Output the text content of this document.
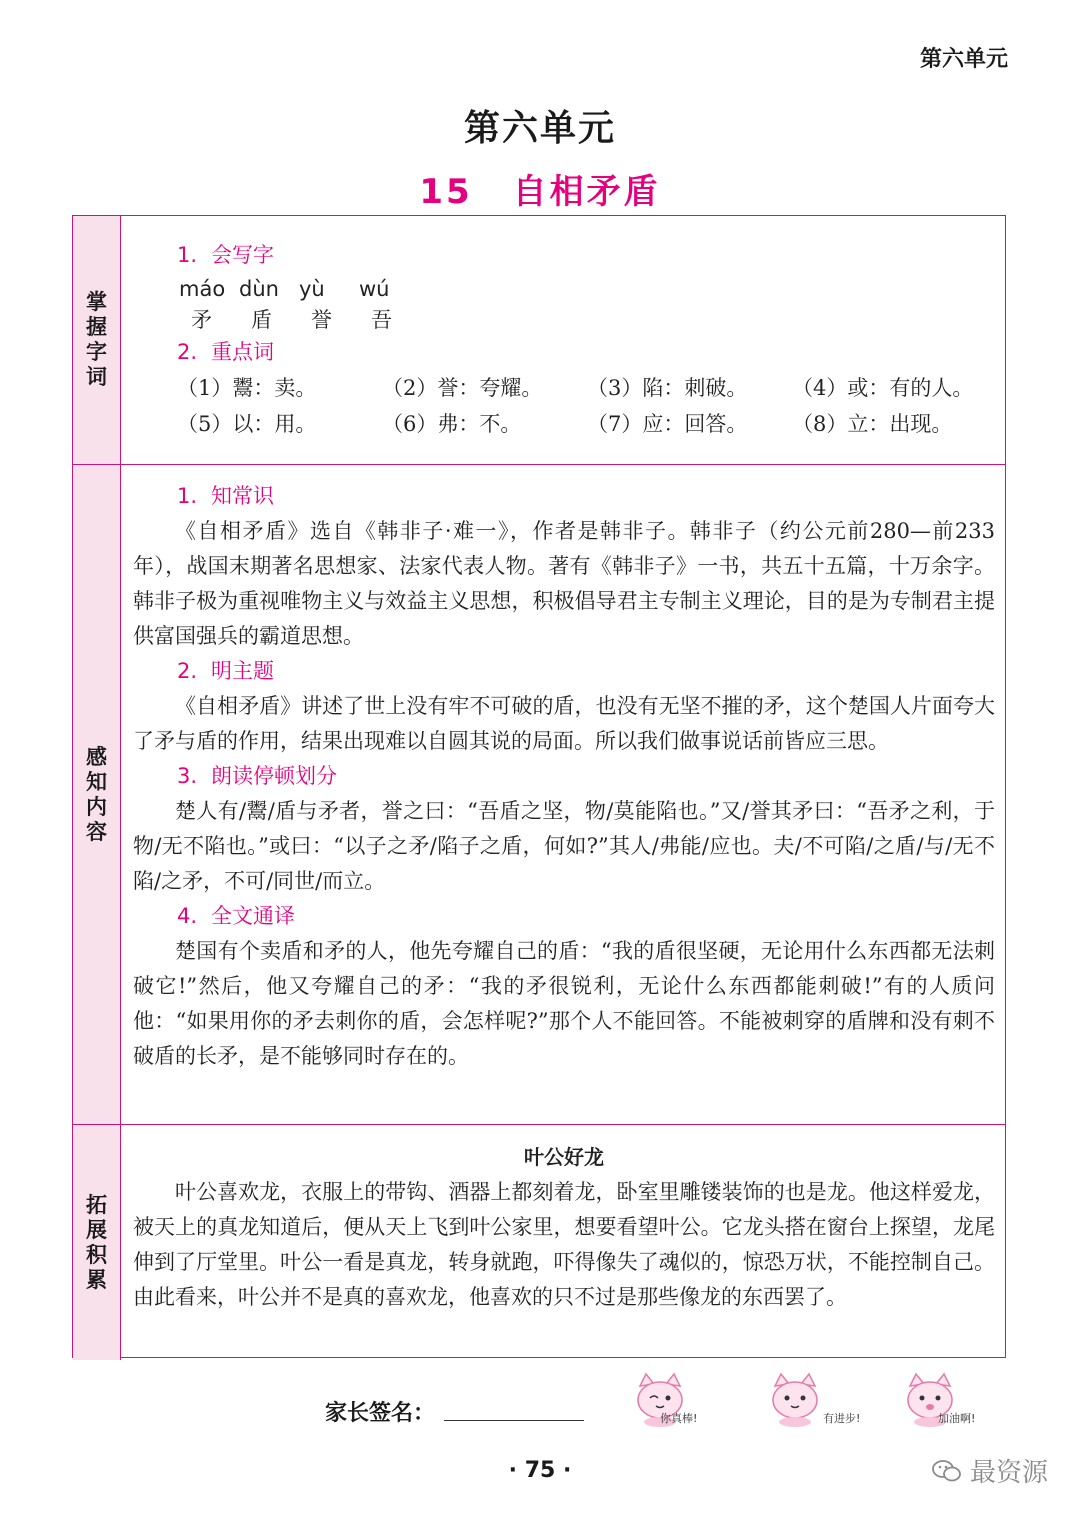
第六单元
第六单元
15 自相矛盾
掌握字词
1. 会写字
máo dùn yù	wú
矛	盾	誉	吾
2. 重点词
（1）鬻：卖。	（2）誉：夸耀。	（3）陷：刺破。	（4）或：有的人。
（5）以：用。	（6）弗：不。	（7）应：回答。	（8）立：出现。
感知内容
1. 知常识

《自相矛盾》选自《韩非子·难一》，作者是韩非子。韩非子（约公元前280—前233年），战国末期著名思想家、法家代表人物。著有《韩非子》一书，共五十五篇，十万余字。韩非子极为重视唯物主义与效益主义思想，积极倡导君主专制主义理论，目的是为专制君主提供富国强兵的霸道思想。

2. 明主题

《自相矛盾》讲述了世上没有牢不可破的盾，也没有无坚不摧的矛，这个楚国人片面夸大了矛与盾的作用，结果出现难以自圆其说的局面。所以我们做事说话前皆应三思。

3. 朗读停顿划分

楚人有/鬻/盾与矛者，誉之曰：“吾盾之坚，物/莫能陷也。”又/誉其矛曰：“吾矛之利，于物/无不陷也。”或曰：“以子之矛/陷子之盾，何如?”其人/弗能/应也。夫/不可陷/之盾/与/无不陷/之矛，不可/同世/而立。

4. 全文通译

楚国有个卖盾和矛的人，他先夸耀自己的盾：“我的盾很坚硬，无论用什么东西都无法刺破它!”然后，他又夸耀自己的矛：“我的矛很锐利，无论什么东西都能刺破!”有的人质问他：“如果用你的矛去刺你的盾，会怎样呢?”那个人不能回答。不能被刺穿的盾牌和没有刺不破盾的长矛，是不能够同时存在的。

拓展积累
叶公好龙

叶公喜欢龙，衣服上的带钩、酒器上都刻着龙，卧室里雕镂装饰的也是龙。他这样爱龙，被天上的真龙知道后，便从天上飞到叶公家里，想要看望叶公。它龙头搭在窗台上探望，龙尾伸到了厅堂里。叶公一看是真龙，转身就跑，吓得像失了魂似的，惊恐万状，不能控制自己。由此看来，叶公并不是真的喜欢龙，他喜欢的只不过是那些像龙的东西罢了。

家长签名：	你真棒!	有进步!	加油啊!
· 75 ·	最资源
